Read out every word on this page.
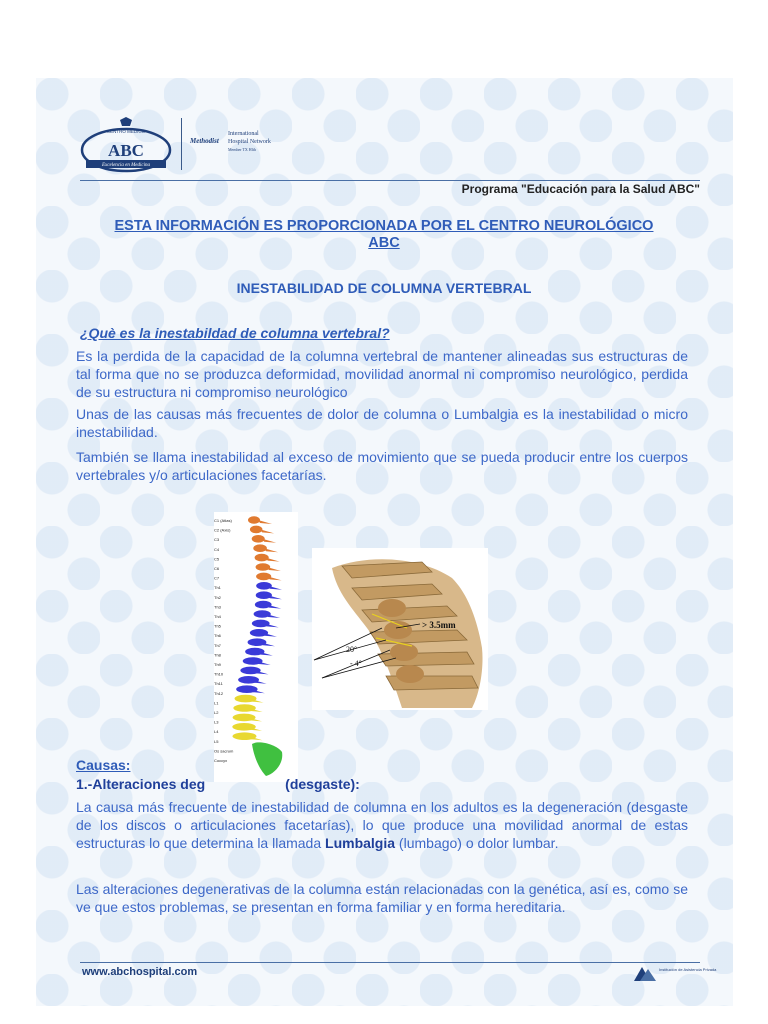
CENTRO MEDICO
ABC
Excelencia en Medicina
Methodist
International
Hospital Network
Member TX Hlth
Programa "Educación para la Salud ABC"
ESTA INFORMACIÓN ES PROPORCIONADA POR EL CENTRO NEUROLÓGICO
ABC
INESTABILIDAD DE COLUMNA VERTEBRAL
¿Què es la inestabildad de columna vertebral?

Es la perdida de la capacidad de la columna vertebral de mantener alineadas sus estructuras de tal forma que no se produzca deformidad, movilidad anormal ni compromiso neurológico, perdida de su estructura ni compromiso neurológico

Unas de las causas más frecuentes de dolor de columna o Lumbalgia es la inestabilidad o micro inestabilidad.

También se llama inestabilidad al exceso de movimiento que se pueda producir entre los cuerpos vertebrales y/o articulaciones facetarías.

C1 (Atlas)
C2 (Axis)
C3
C4
C5
C6
C7
Th1
Th2
Th3
Th4
Th5
Th6
Th7
Th8
Th9
Th10
Th11
Th12
L1
L2
L3
L4
L5
Os sacrum
Coccyx
> 3.5mm
20°
- 4°
Causas:
1.-Alteraciones deg	(desgaste):

La causa más frecuente de inestabilidad de columna en los adultos es la degeneración (desgaste de los discos o articulaciones facetarías), lo que produce una movilidad anormal de estas estructuras lo que determina la llamada Lumbalgia (lumbago) o dolor lumbar.

Las alteraciones degenerativas de la columna están relacionadas con la genética, así es, como se ve que estos problemas, se presentan en forma familiar y en forma hereditaria.

www.abchospital.com	Institución de Asistencia Privada
